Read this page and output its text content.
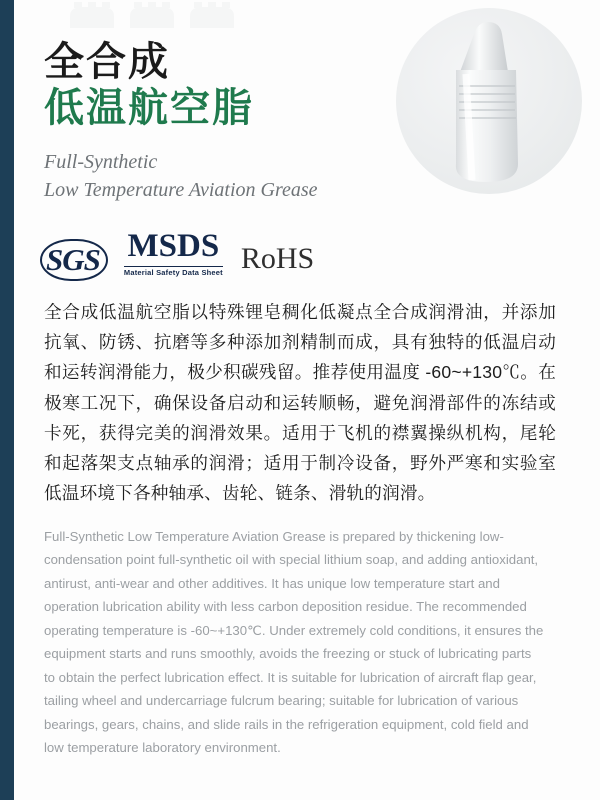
全合成
低温航空脂
Full-Synthetic
Low Temperature Aviation Grease
SGS MSDS
Material Safety Data Sheet RoHS
全合成低温航空脂以特殊锂皂稠化低凝点全合成润滑油，并添加抗氧、防锈、抗磨等多种添加剂精制而成，具有独特的低温启动和运转润滑能力，极少积碳残留。推荐使用温度 -60~+130℃。在极寒工况下，确保设备启动和运转顺畅，避免润滑部件的冻结或卡死，获得完美的润滑效果。适用于飞机的襟翼操纵机构，尾轮和起落架支点轴承的润滑；适用于制冷设备，野外严寒和实验室低温环境下各种轴承、齿轮、链条、滑轨的润滑。
Full-Synthetic Low Temperature Aviation Grease is prepared by thickening low-condensation point full-synthetic oil with special lithium soap, and adding antioxidant, antirust, anti-wear and other additives. It has unique low temperature start and operation lubrication ability with less carbon deposition residue. The recommended operating temperature is -60~+130℃. Under extremely cold conditions, it ensures the equipment starts and runs smoothly, avoids the freezing or stuck of lubricating parts to obtain the perfect lubrication effect. It is suitable for lubrication of aircraft flap gear, tailing wheel and undercarriage fulcrum bearing; suitable for lubrication of various bearings, gears, chains, and slide rails in the refrigeration equipment, cold field and low temperature laboratory environment.
